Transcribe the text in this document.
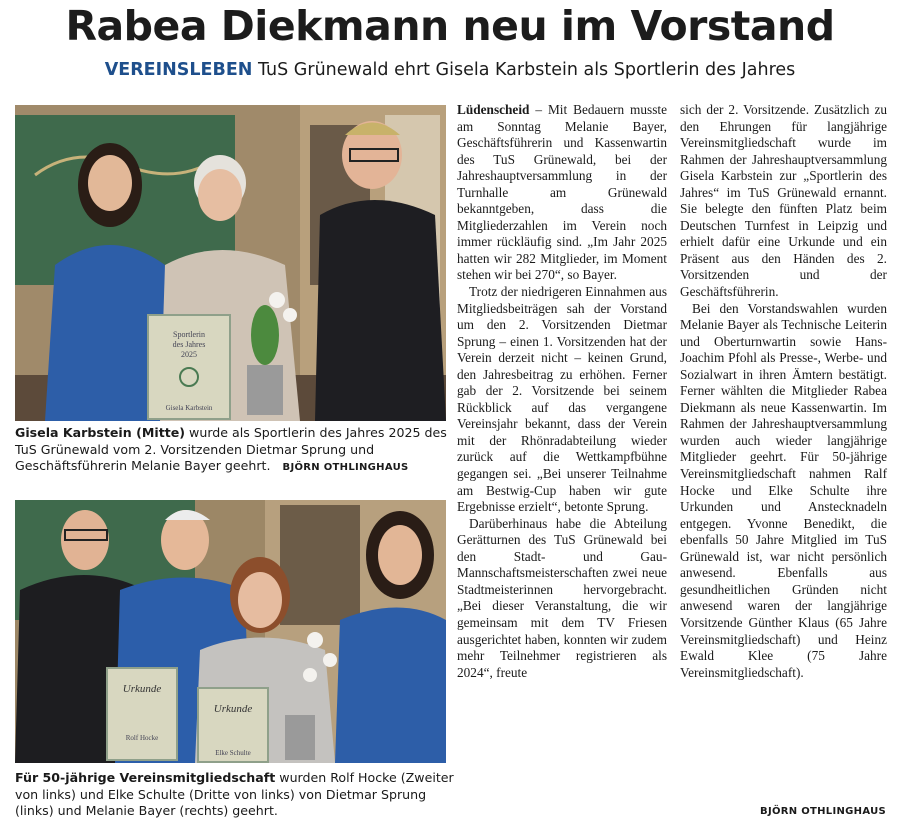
Rabea Diekmann neu im Vorstand
VEREINSLEBEN TuS Grünewald ehrt Gisela Karbstein als Sportlerin des Jahres
Sportlerin
des Jahres
2025
Gisela Karbstein
Gisela Karbstein (Mitte) wurde als Sportlerin des Jahres 2025 des TuS Grünewald vom 2. Vorsitzenden Dietmar Sprung und Geschäftsführerin Melanie Bayer geehrt. BJÖRN OTHLINGHAUS
Urkunde
Rolf Hocke
Urkunde
Elke Schulte
Für 50-jährige Vereinsmitgliedschaft wurden Rolf Hocke (Zweiter von links) und Elke Schulte (Dritte von links) von Dietmar Sprung (links) und Melanie Bayer (rechts) geehrt.

Lüdenscheid – Mit Bedauern musste am Sonntag Melanie Bayer, Geschäftsführerin und Kassenwartin des TuS Grünewald, bei der Jahreshauptversammlung in der Turnhalle am Grünewald bekanntgeben, dass die Mitgliederzahlen im Verein noch immer rückläufig sind. „Im Jahr 2025 hatten wir 282 Mitglieder, im Moment stehen wir bei 270“, so Bayer.

Trotz der niedrigeren Einnahmen aus Mitgliedsbeiträgen sah der Vorstand um den 2. Vorsitzenden Dietmar Sprung – einen 1. Vorsitzenden hat der Verein derzeit nicht – keinen Grund, den Jahresbeitrag zu erhöhen. Ferner gab der 2. Vorsitzende bei seinem Rückblick auf das vergangene Vereinsjahr bekannt, dass der Verein mit der Rhönradabteilung wieder zurück auf die Wettkampfbühne gegangen sei. „Bei unserer Teilnahme am Bestwig-Cup haben wir gute Ergebnisse erzielt“, betonte Sprung.

Darüberhinaus habe die Abteilung Gerätturnen des TuS Grünewald bei den Stadt- und Gau-Mannschaftsmeisterschaften zwei neue Stadtmeisterinnen hervorgebracht. „Bei dieser Veranstaltung, die wir gemeinsam mit dem TV Friesen ausgerichtet haben, konnten wir zudem mehr Teilnehmer registrieren als 2024“, freute

sich der 2. Vorsitzende. Zusätzlich zu den Ehrungen für langjährige Vereinsmitgliedschaft wurde im Rahmen der Jahreshauptversammlung Gisela Karbstein zur „Sportlerin des Jahres“ im TuS Grünewald ernannt. Sie belegte den fünften Platz beim Deutschen Turnfest in Leipzig und erhielt dafür eine Urkunde und ein Präsent aus den Händen des 2. Vorsitzenden und der Geschäftsführerin.

Bei den Vorstandswahlen wurden Melanie Bayer als Technische Leiterin und Oberturnwartin sowie Hans-Joachim Pfohl als Presse-, Werbe- und Sozialwart in ihren Ämtern bestätigt. Ferner wählten die Mitglieder Rabea Diekmann als neue Kassenwartin. Im Rahmen der Jahreshauptversammlung wurden auch wieder langjährige Mitglieder geehrt. Für 50-jährige Vereinsmitgliedschaft nahmen Ralf Hocke und Elke Schulte ihre Urkunden und Anstecknadeln entgegen. Yvonne Benedikt, die ebenfalls 50 Jahre Mitglied im TuS Grünewald ist, war nicht persönlich anwesend. Ebenfalls aus gesundheitlichen Gründen nicht anwesend waren der langjährige Vorsitzende Günther Klaus (65 Jahre Vereinsmitgliedschaft) und Heinz Ewald Klee (75 Jahre Vereinsmitgliedschaft).

BJÖRN OTHLINGHAUS
